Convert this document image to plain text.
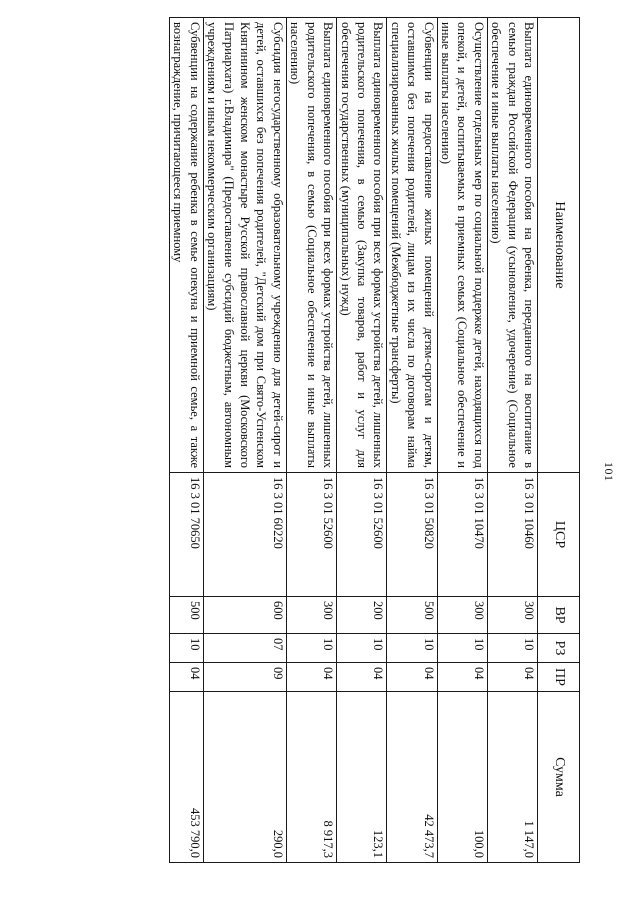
101
Наименование	ЦСР	ВР	РЗ	ПР	Сумма
Выплата единовременного пособия на ребенка, переданного на воспитание в семью граждан Российской Федерации (усыновление, удочерение) (Социальное обеспечение и иные выплаты населению)	16 3 01 10460	300	10	04	1 147,0
Осуществление отдельных мер по социальной поддержке детей, находящихся под опекой, и детей, воспитываемых в приемных семьях (Социальное обеспечение и иные выплаты населению)	16 3 01 10470	300	10	04	100,0
Субвенции на предоставление жилых помещений детям-сиротам и детям, оставшимся без попечения родителей, лицам из их числа по договорам найма специализированных жилых помещений (Межбюджетные трансферты)	16 3 01 50820	500	10	04	42 473,7
Выплата единовременного пособия при всех формах устройства детей, лишенных родительского попечения, в семью (Закупка товаров, работ и услуг для обеспечения государственных (муниципальных) нужд)	16 3 01 52600	200	10	04	123,1
Выплата единовременного пособия при всех формах устройства детей, лишенных родительского попечения, в семью (Социальное обеспечение и иные выплаты населению)	16 3 01 52600	300	10	04	8 917,3
Субсидия негосударственному образовательному учреждению для детей-сирот и детей, оставшихся без попечения родителей, "Детский дом при Свято-Успенском Княгинином женском монастыре Русской православной церкви (Московского Патриархата) г.Владимира" (Предоставление субсидий бюджетным, автономным учреждениям и иным некоммерческим организациям)	16 3 01 60220	600	07	09	290,0
Субвенции на содержание ребенка в семье опекуна и приемной семье, а также вознаграждение, причитающееся приемному	16 3 01 70650	500	10	04	453 790,0
